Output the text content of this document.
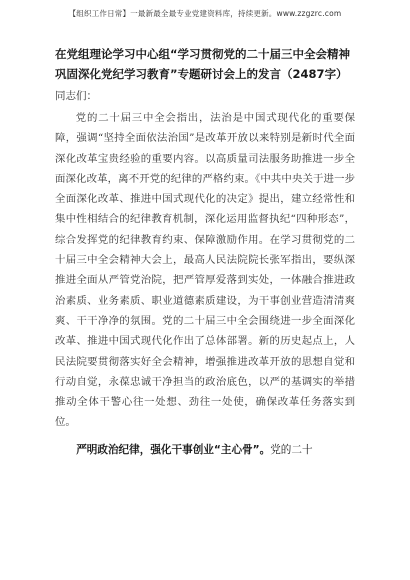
【组织工作日常】一最新最全最专业党建资料库，持续更新。www.zzgzrc.com

在党组理论学习中心组“学习贯彻党的二十届三中全会精神巩固深化党纪学习教育”专题研讨会上的发言（2487字）

同志们：

党的二十届三中全会指出，法治是中国式现代化的重要保障，强调“坚持全面依法治国”是改革开放以来特别是新时代全面深化改革宝贵经验的重要内容。以高质量司法服务助推进一步全面深化改革，离不开党的纪律的严格约束。《中共中央关于进一步全面深化改革、推进中国式现代化的决定》提出，建立经常性和集中性相结合的纪律教育机制，深化运用监督执纪“四种形态”，综合发挥党的纪律教育约束、保障激励作用。在学习贯彻党的二十届三中全会精神大会上，最高人民法院院长张军指出，要纵深推进全面从严管党治院，把严管厚爱落到实处，一体融合推进政治素质、业务素质、职业道德素质建设，为干事创业营造清清爽爽、干干净净的氛围。党的二十届三中全会围绕进一步全面深化改革、推进中国式现代化作出了总体部署。新的历史起点上，人民法院要贯彻落实好全会精神，增强推进改革开放的思想自觉和行动自觉，永葆忠诚干净担当的政治底色，以严的基调实的举措推动全体干警心往一处想、劲往一处使，确保改革任务落实到位。

严明政治纪律，强化干事创业“主心骨”。党的二十
